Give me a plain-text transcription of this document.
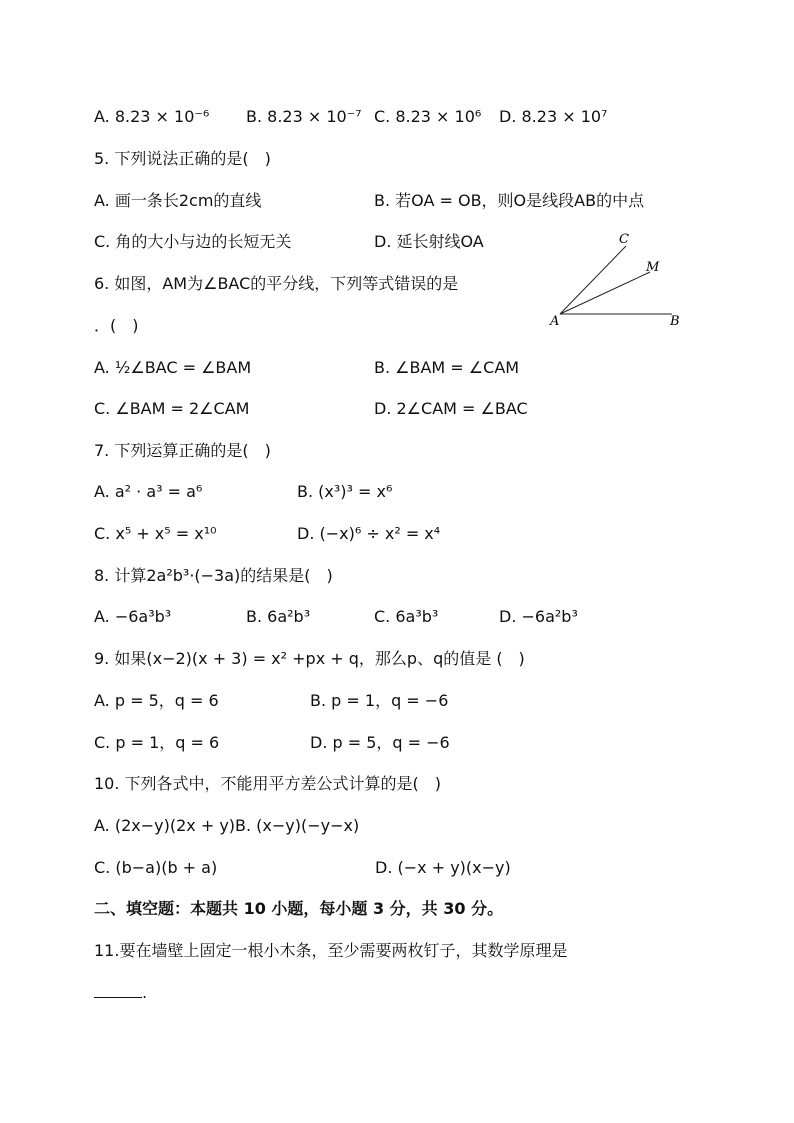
A. 8.23 × 10⁻⁶ B. 8.23 × 10⁻⁷ C. 8.23 × 10⁶ D. 8.23 × 10⁷
5. 下列说法正确的是(　)
A. 画一条长2cm的直线	B. 若OA = OB，则O是线段AB的中点
C. 角的大小与边的长短无关	D. 延长射线OA
6. 如图，AM为∠BAC的平分线，下列等式错误的是
．(　)	A	B
C
M
A. ½∠BAC = ∠BAM	B. ∠BAM = ∠CAM
C. ∠BAM = 2∠CAM	D. 2∠CAM = ∠BAC
7. 下列运算正确的是(　)
A. a² · a³ = a⁶	B. (x³)³ = x⁶
C. x⁵ + x⁵ = x¹⁰	D. (−x)⁶ ÷ x² = x⁴
8. 计算2a²b³·(−3a)的结果是(　)
A. −6a³b³	B. 6a²b³	C. 6a³b³	D. −6a²b³
9. 如果(x−2)(x + 3) = x² +px + q，那么p、q的值是 (　)
A. p = 5，q = 6	B. p = 1，q = −6
C. p = 1，q = 6	D. p = 5，q = −6
10. 下列各式中，不能用平方差公式计算的是(　)
A. (2x−y)(2x + y)B. (x−y)(−y−x)
C. (b−a)(b + a)	D. (−x + y)(x−y)
二、填空题：本题共 10 小题，每小题 3 分，共 30 分。
11.要在墙壁上固定一根小木条，至少需要两枚钉子，其数学原理是
.
